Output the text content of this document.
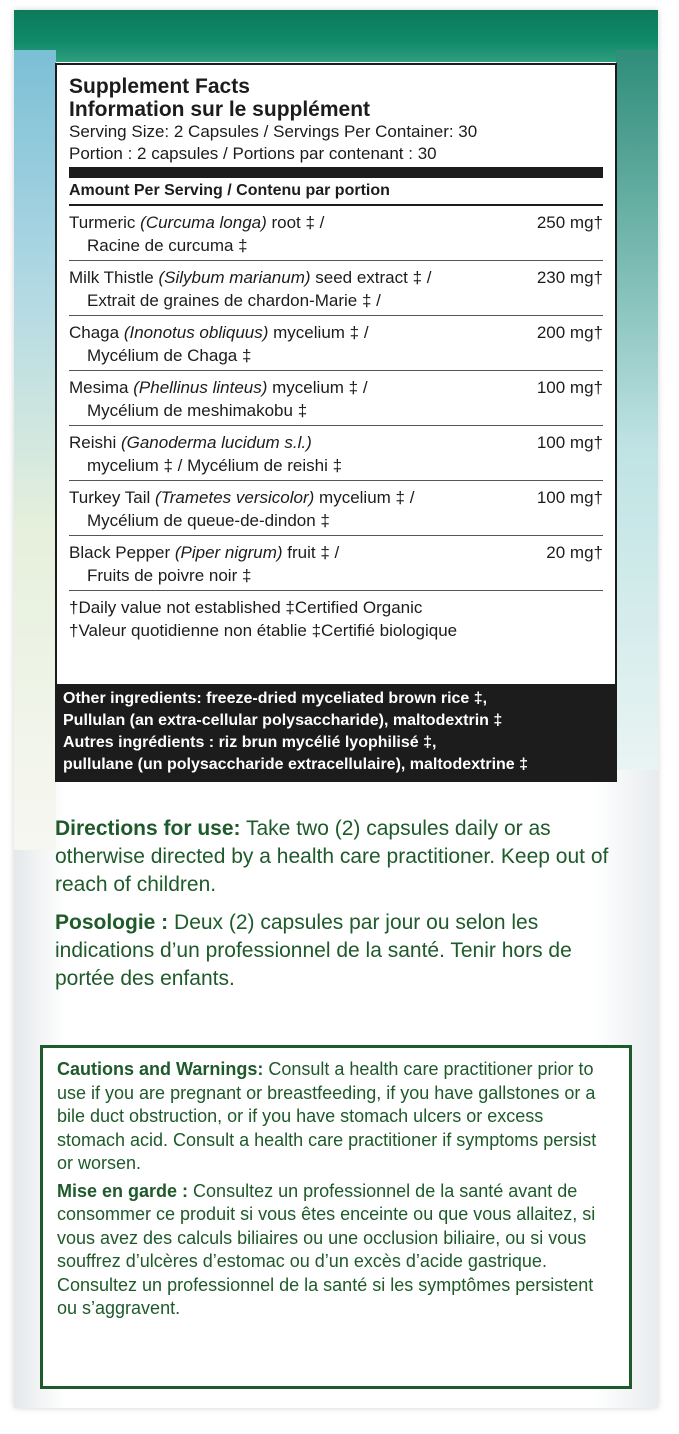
Supplement Facts
Information sur le supplément
Serving Size: 2 Capsules / Servings Per Container: 30
Portion : 2 capsules / Portions par contenant : 30
Amount Per Serving / Contenu par portion
Turmeric (Curcuma longa) root ‡ /
Racine de curcuma ‡
250 mg†
Milk Thistle (Silybum marianum) seed extract ‡ /
Extrait de graines de chardon-Marie ‡ /
230 mg†
Chaga (Inonotus obliquus) mycelium ‡ /
Mycélium de Chaga ‡
200 mg†
Mesima (Phellinus linteus) mycelium ‡ /
Mycélium de meshimakobu ‡
100 mg†
Reishi (Ganoderma lucidum s.l.)
mycelium ‡ / Mycélium de reishi ‡
100 mg†
Turkey Tail (Trametes versicolor) mycelium ‡ /
Mycélium de queue-de-dindon ‡
100 mg†
Black Pepper (Piper nigrum) fruit ‡ /
Fruits de poivre noir ‡
20 mg†
†Daily value not established ‡Certified Organic
†Valeur quotidienne non établie ‡Certifié biologique
Other ingredients: freeze-dried myceliated brown rice ‡,
Pullulan (an extra-cellular polysaccharide), maltodextrin ‡
Autres ingrédients : riz brun mycélié lyophilisé ‡,
pullulane (un polysaccharide extracellulaire), maltodextrine ‡

Directions for use: Take two (2) capsules daily or as otherwise directed by a health care practitioner. Keep out of reach of children.

Posologie : Deux (2) capsules par jour ou selon les indications d’un professionnel de la santé. Tenir hors de portée des enfants.

Cautions and Warnings: Consult a health care practitioner prior to use if you are pregnant or breastfeeding, if you have gallstones or a bile duct obstruction, or if you have stomach ulcers or excess stomach acid. Consult a health care practitioner if symptoms persist or worsen.

Mise en garde : Consultez un professionnel de la santé avant de consommer ce produit si vous êtes enceinte ou que vous allaitez, si vous avez des calculs biliaires ou une occlusion biliaire, ou si vous souffrez d’ulcères d’estomac ou d’un excès d’acide gastrique. Consultez un professionnel de la santé si les symptômes persistent ou s’aggravent.
